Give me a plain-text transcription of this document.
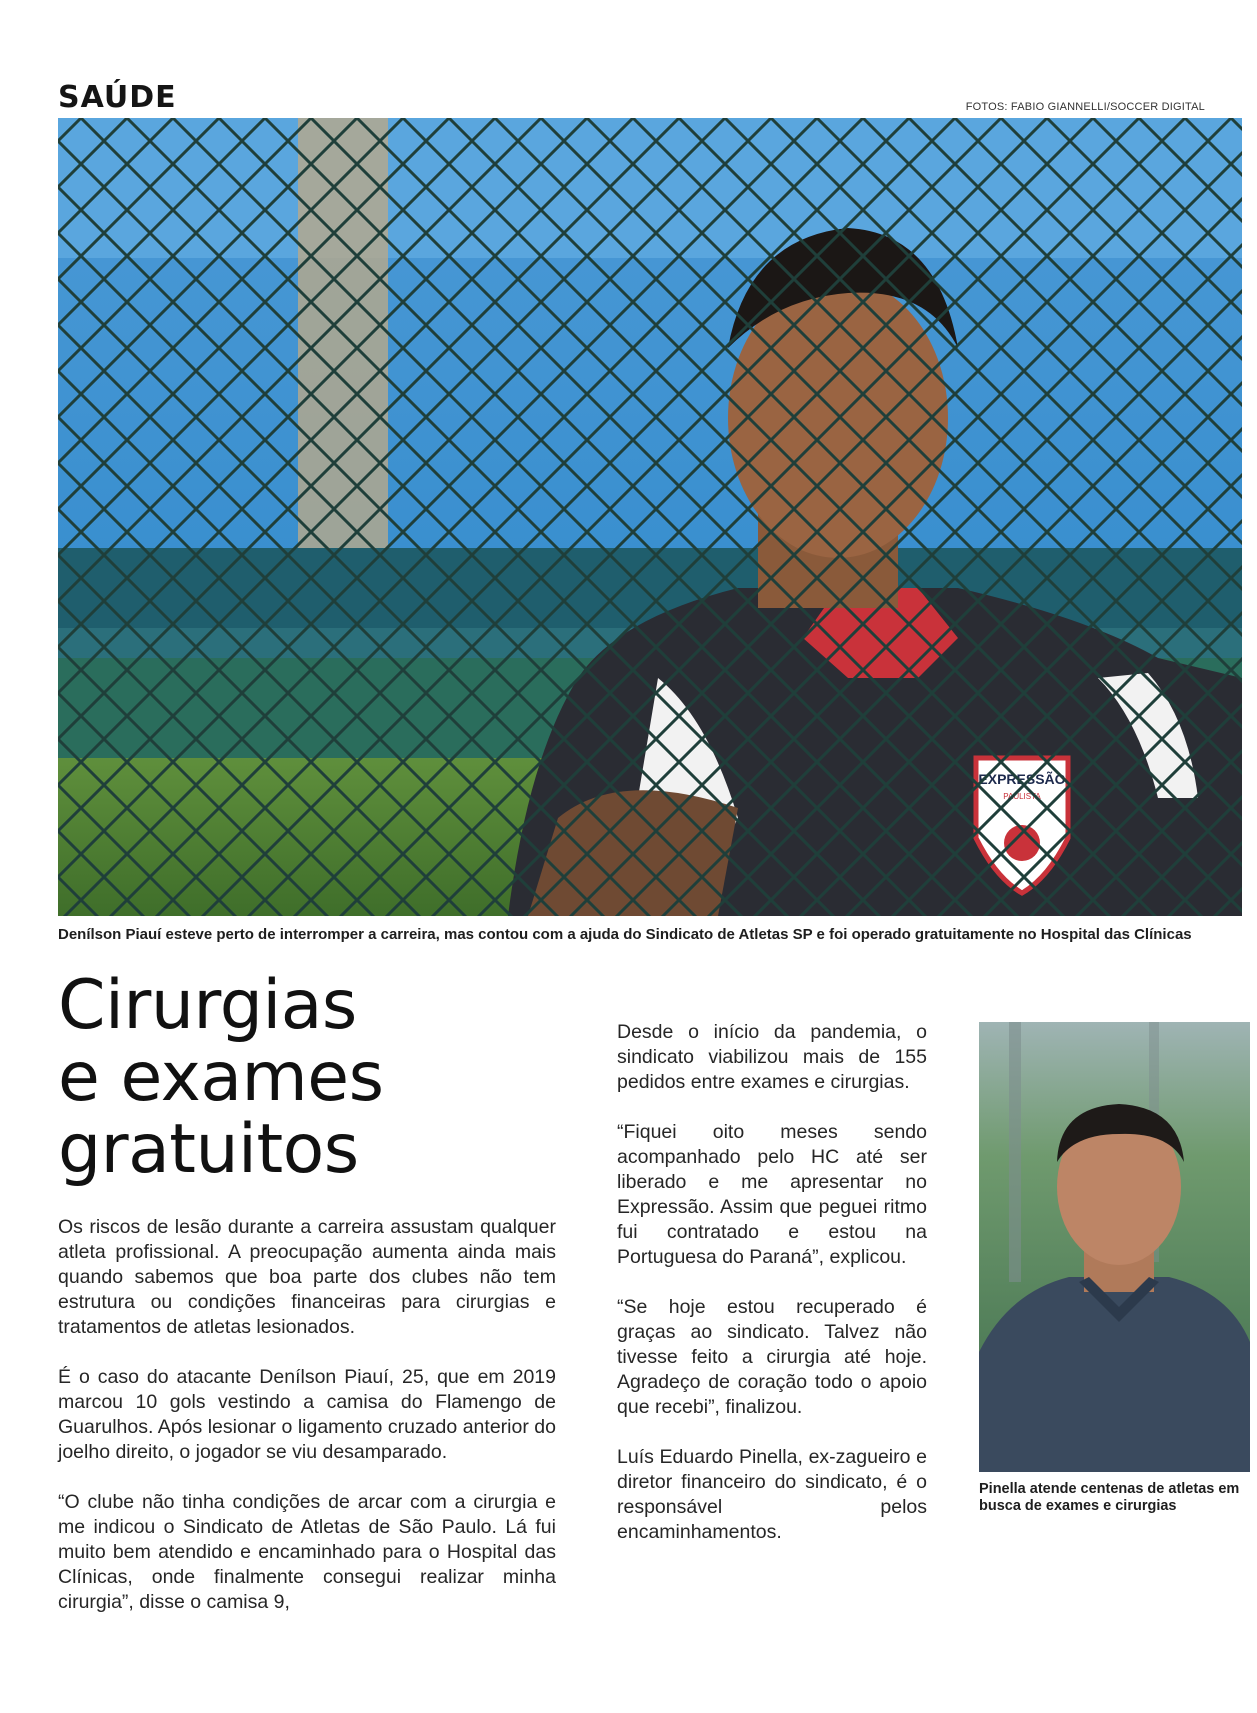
SAÚDE	FOTOS: FABIO GIANNELLI/SOCCER DIGITAL
Denílson Piauí esteve perto de interromper a carreira, mas contou com a ajuda do Sindicato de Atletas SP e foi operado gratuitamente no Hospital das Clínicas
Cirurgias
e exames
gratuitos

Os riscos de lesão durante a carreira assustam qualquer atleta profissional. A preocupação aumenta ainda mais quando sabemos que boa parte dos clubes não tem estrutura ou condições financeiras para cirurgias e tratamentos de atletas lesionados.

É o caso do atacante Denílson Piauí, 25, que em 2019 marcou 10 gols vestindo a camisa do Flamengo de Guarulhos. Após lesionar o ligamento cruzado anterior do joelho direito, o jogador se viu desamparado.

“O clube não tinha condições de arcar com a cirurgia e me indicou o Sindicato de Atletas de São Paulo. Lá fui muito bem atendido e encaminhado para o Hospital das Clínicas, onde finalmente consegui realizar minha cirurgia”, disse o camisa 9,

Desde o início da pandemia, o sindicato viabilizou mais de 155 pedidos entre exames e cirurgias.

“Fiquei oito meses sendo acompanhado pelo HC até ser liberado e me apresentar no Expressão. Assim que peguei ritmo fui contratado e estou na Portuguesa do Paraná”, explicou.

“Se hoje estou recuperado é graças ao sindicato. Talvez não tivesse feito a cirurgia até hoje. Agradeço de coração todo o apoio que recebi”, finalizou.

Luís Eduardo Pinella, ex-zagueiro e diretor financeiro do sindicato, é o responsável pelos encaminhamentos.

Pinella atende centenas de atletas em busca de exames e cirurgias
